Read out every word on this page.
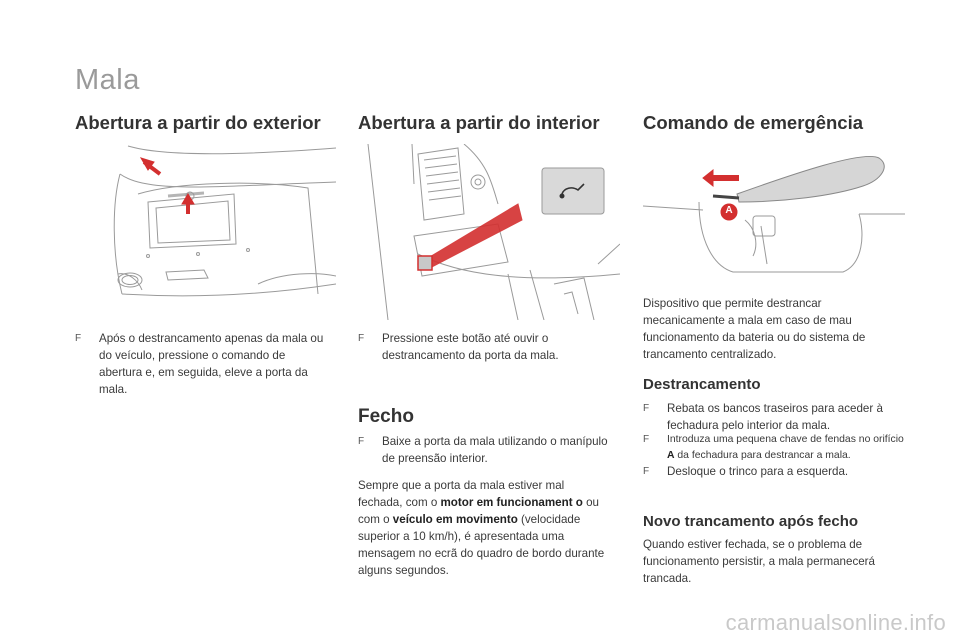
Mala
Abertura a partir do exterior
F	Após o destrancamento apenas da mala ou do veículo, pressione o comando de abertura e, em seguida, eleve a porta da mala.
Abertura a partir do interior
F	Pressione este botão até ouvir o destrancamento da porta da mala.
Fecho
F	Baixe a porta da mala utilizando o manípulo de preensão interior.
Sempre que a porta da mala estiver mal fechada, com o motor em funcionament o ou com o veículo em movimento (velocidade superior a 10 km/h), é apresentada uma mensagem no ecrã do quadro de bordo durante alguns segundos.
Comando de emergência
A
Dispositivo que permite destrancar mecanicamente a mala em caso de mau funcionamento da bateria ou do sistema de trancamento centralizado.
Destrancamento
F	Rebata os bancos traseiros para aceder à fechadura pelo interior da mala.
F	Introduza uma pequena chave de fendas no orifício A da fechadura para destrancar a mala.
F	Desloque o trinco para a esquerda.
Novo trancamento após fecho
Quando estiver fechada, se o problema de funcionamento persistir, a mala permanecerá trancada.
carmanualsonline.info
